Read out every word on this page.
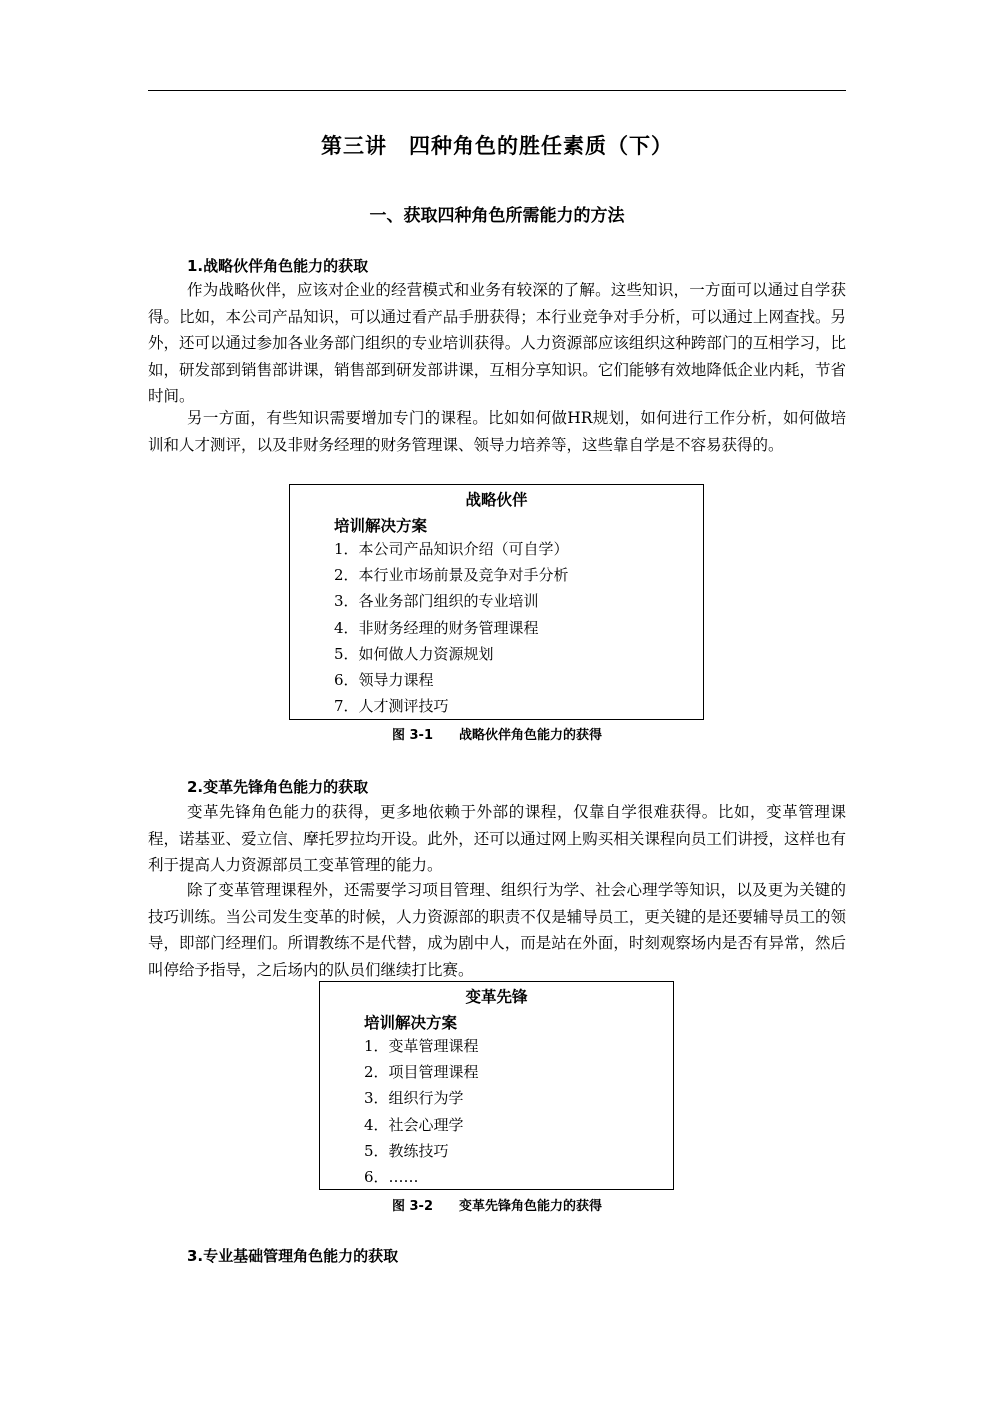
第三讲　四种角色的胜任素质（下）
一、获取四种角色所需能力的方法
1.战略伙伴角色能力的获取

作为战略伙伴，应该对企业的经营模式和业务有较深的了解。这些知识，一方面可以通过自学获得。比如，本公司产品知识，可以通过看产品手册获得；本行业竞争对手分析，可以通过上网查找。另外，还可以通过参加各业务部门组织的专业培训获得。人力资源部应该组织这种跨部门的互相学习，比如，研发部到销售部讲课，销售部到研发部讲课，互相分享知识。它们能够有效地降低企业内耗，节省时间。

另一方面，有些知识需要增加专门的课程。比如如何做HR规划，如何进行工作分析，如何做培训和人才测评，以及非财务经理的财务管理课、领导力培养等，这些靠自学是不容易获得的。

战略伙伴
培训解决方案
1．本公司产品知识介绍（可自学）
2．本行业市场前景及竞争对手分析
3．各业务部门组织的专业培训
4．非财务经理的财务管理课程
5．如何做人力资源规划
6．领导力课程
7．人才测评技巧
图 3-1　　战略伙伴角色能力的获得
2.变革先锋角色能力的获取

变革先锋角色能力的获得，更多地依赖于外部的课程，仅靠自学很难获得。比如，变革管理课程，诺基亚、爱立信、摩托罗拉均开设。此外，还可以通过网上购买相关课程向员工们讲授，这样也有利于提高人力资源部员工变革管理的能力。

除了变革管理课程外，还需要学习项目管理、组织行为学、社会心理学等知识，以及更为关键的技巧训练。当公司发生变革的时候，人力资源部的职责不仅是辅导员工，更关键的是还要辅导员工的领导，即部门经理们。所谓教练不是代替，成为剧中人，而是站在外面，时刻观察场内是否有异常，然后叫停给予指导，之后场内的队员们继续打比赛。

变革先锋
培训解决方案
1．变革管理课程
2．项目管理课程
3．组织行为学
4．社会心理学
5．教练技巧
6．……
图 3-2　　变革先锋角色能力的获得
3.专业基础管理角色能力的获取
